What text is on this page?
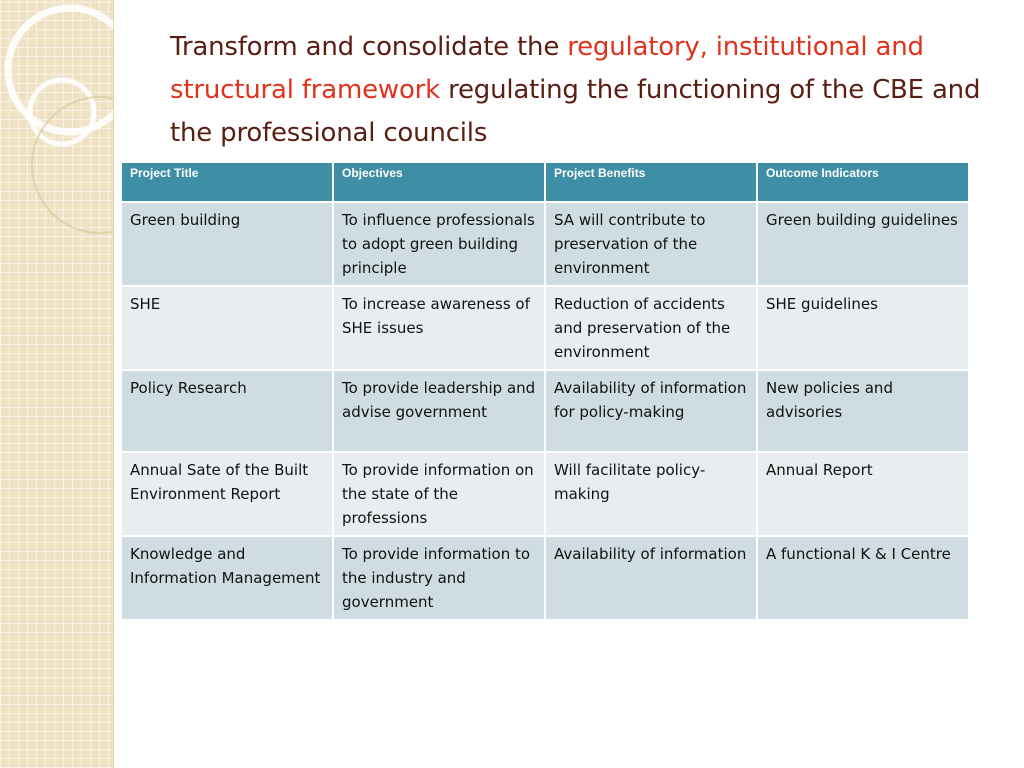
Transform and consolidate the regulatory, institutional and structural framework regulating the functioning of the CBE and the professional councils
Project Title	Objectives	Project Benefits	Outcome Indicators
Green building	To influence professionals to adopt green building principle	SA will contribute to preservation of the environment	Green building guidelines
SHE	To increase awareness of SHE issues	Reduction of accidents and preservation of the environment	SHE guidelines
Policy Research	To provide leadership and advise government	Availability of information for policy-making	New policies and advisories
Annual Sate of the Built Environment Report	To provide information on the state of the professions	Will facilitate policy-making	Annual Report
Knowledge and Information Management	To provide information to the industry and government	Availability of information	A functional K & I Centre
